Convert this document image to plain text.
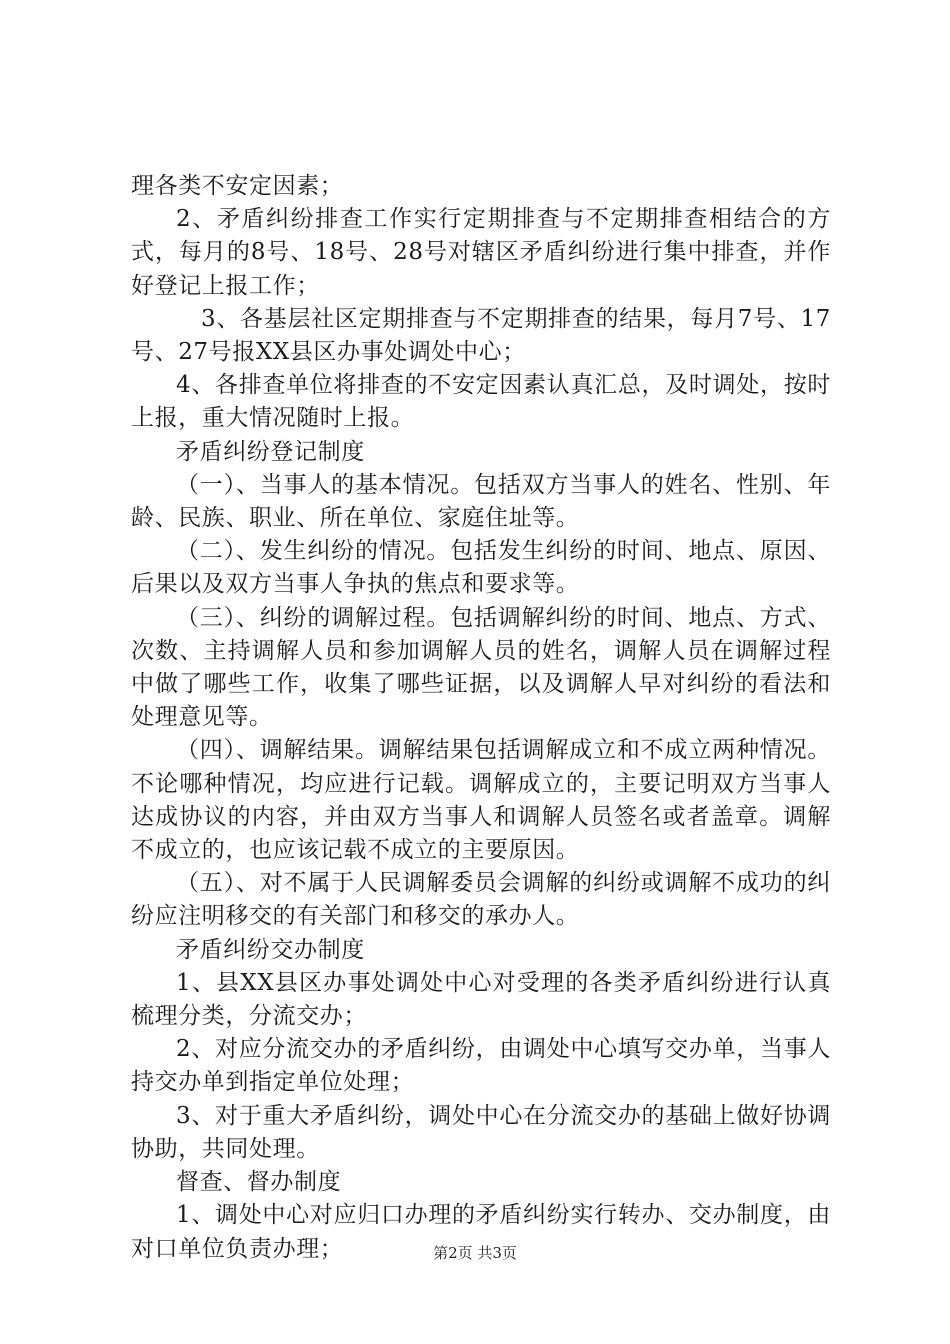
理各类不安定因素；

2、矛盾纠纷排查工作实行定期排查与不定期排查相结合的方式，每月的8号、18号、28号对辖区矛盾纠纷进行集中排查，并作好登记上报工作；

3、各基层社区定期排查与不定期排查的结果，每月7号、17号、27号报XX县区办事处调处中心；

4、各排查单位将排查的不安定因素认真汇总，及时调处，按时上报，重大情况随时上报。

矛盾纠纷登记制度

（一）、当事人的基本情况。包括双方当事人的姓名、性别、年龄、民族、职业、所在单位、家庭住址等。

（二）、发生纠纷的情况。包括发生纠纷的时间、地点、原因、后果以及双方当事人争执的焦点和要求等。

（三）、纠纷的调解过程。包括调解纠纷的时间、地点、方式、次数、主持调解人员和参加调解人员的姓名，调解人员在调解过程中做了哪些工作，收集了哪些证据，以及调解人早对纠纷的看法和处理意见等。

（四）、调解结果。调解结果包括调解成立和不成立两种情况。不论哪种情况，均应进行记载。调解成立的，主要记明双方当事人达成协议的内容，并由双方当事人和调解人员签名或者盖章。调解不成立的，也应该记载不成立的主要原因。

（五）、对不属于人民调解委员会调解的纠纷或调解不成功的纠纷应注明移交的有关部门和移交的承办人。

矛盾纠纷交办制度

1、县XX县区办事处调处中心对受理的各类矛盾纠纷进行认真梳理分类，分流交办；

2、对应分流交办的矛盾纠纷，由调处中心填写交办单，当事人持交办单到指定单位处理；

3、对于重大矛盾纠纷，调处中心在分流交办的基础上做好协调协助，共同处理。

督查、督办制度

1、调处中心对应归口办理的矛盾纠纷实行转办、交办制度，由对口单位负责办理；	第2页 共3页
